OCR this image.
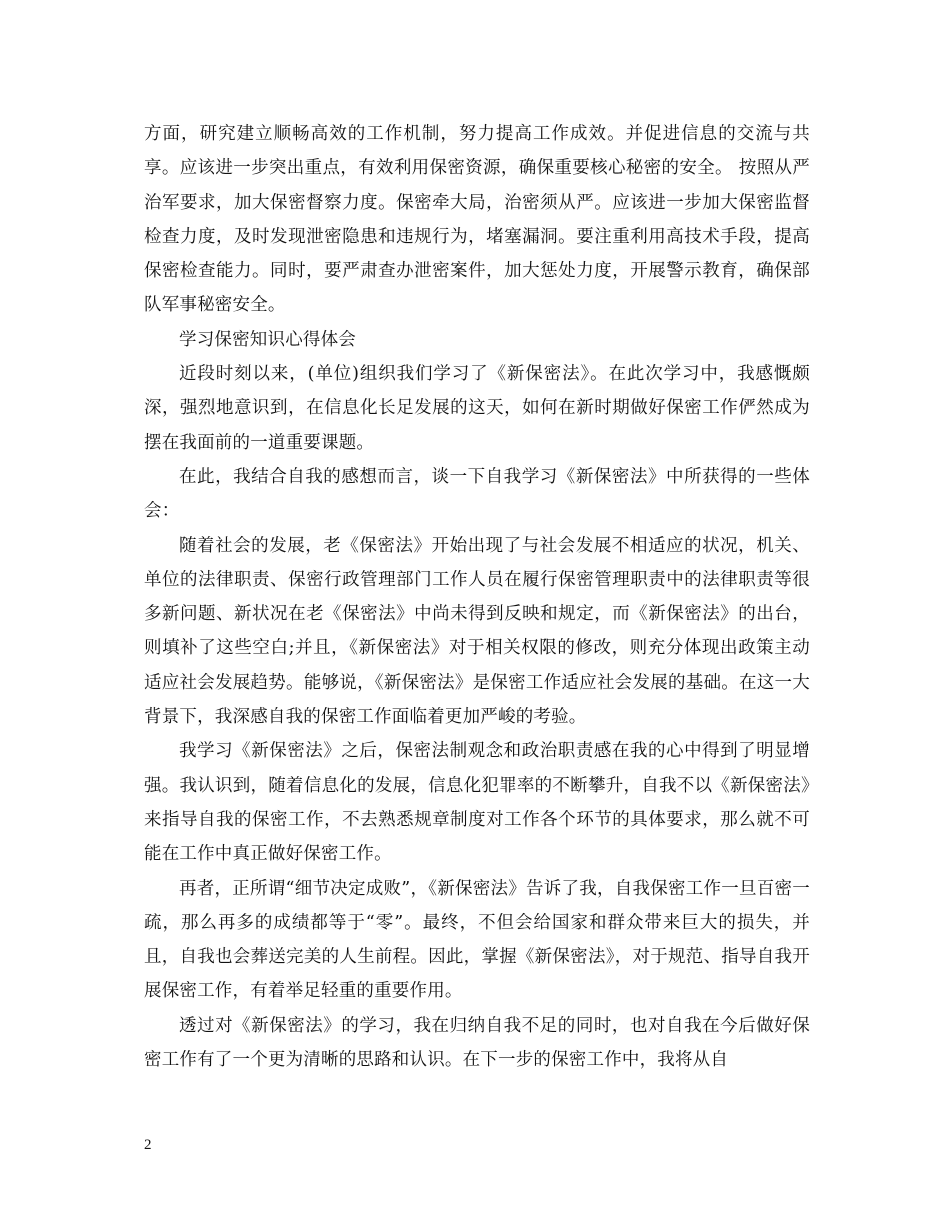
方面，研究建立顺畅高效的工作机制，努力提高工作成效。并促进信息的交流与共享。应该进一步突出重点，有效利用保密资源，确保重要核心秘密的安全。 按照从严治军要求，加大保密督察力度。保密牵大局，治密须从严。应该进一步加大保密监督检查力度，及时发现泄密隐患和违规行为，堵塞漏洞。要注重利用高技术手段，提高保密检查能力。同时，要严肃查办泄密案件，加大惩处力度，开展警示教育，确保部队军事秘密安全。

学习保密知识心得体会

近段时刻以来，(单位)组织我们学习了《新保密法》。在此次学习中，我感慨颇深，强烈地意识到，在信息化长足发展的这天，如何在新时期做好保密工作俨然成为摆在我面前的一道重要课题。

在此，我结合自我的感想而言，谈一下自我学习《新保密法》中所获得的一些体会：

随着社会的发展，老《保密法》开始出现了与社会发展不相适应的状况，机关、单位的法律职责、保密行政管理部门工作人员在履行保密管理职责中的法律职责等很多新问题、新状况在老《保密法》中尚未得到反映和规定，而《新保密法》的出台，则填补了这些空白;并且，《新保密法》对于相关权限的修改，则充分体现出政策主动适应社会发展趋势。能够说，《新保密法》是保密工作适应社会发展的基础。在这一大背景下，我深感自我的保密工作面临着更加严峻的考验。

我学习《新保密法》之后，保密法制观念和政治职责感在我的心中得到了明显增强。我认识到，随着信息化的发展，信息化犯罪率的不断攀升，自我不以《新保密法》来指导自我的保密工作，不去熟悉规章制度对工作各个环节的具体要求，那么就不可能在工作中真正做好保密工作。

再者，正所谓“细节决定成败”，《新保密法》告诉了我，自我保密工作一旦百密一疏，那么再多的成绩都等于“零”。最终，不但会给国家和群众带来巨大的损失，并且，自我也会葬送完美的人生前程。因此，掌握《新保密法》，对于规范、指导自我开展保密工作，有着举足轻重的重要作用。

透过对《新保密法》的学习，我在归纳自我不足的同时，也对自我在今后做好保密工作有了一个更为清晰的思路和认识。在下一步的保密工作中，我将从自

2
